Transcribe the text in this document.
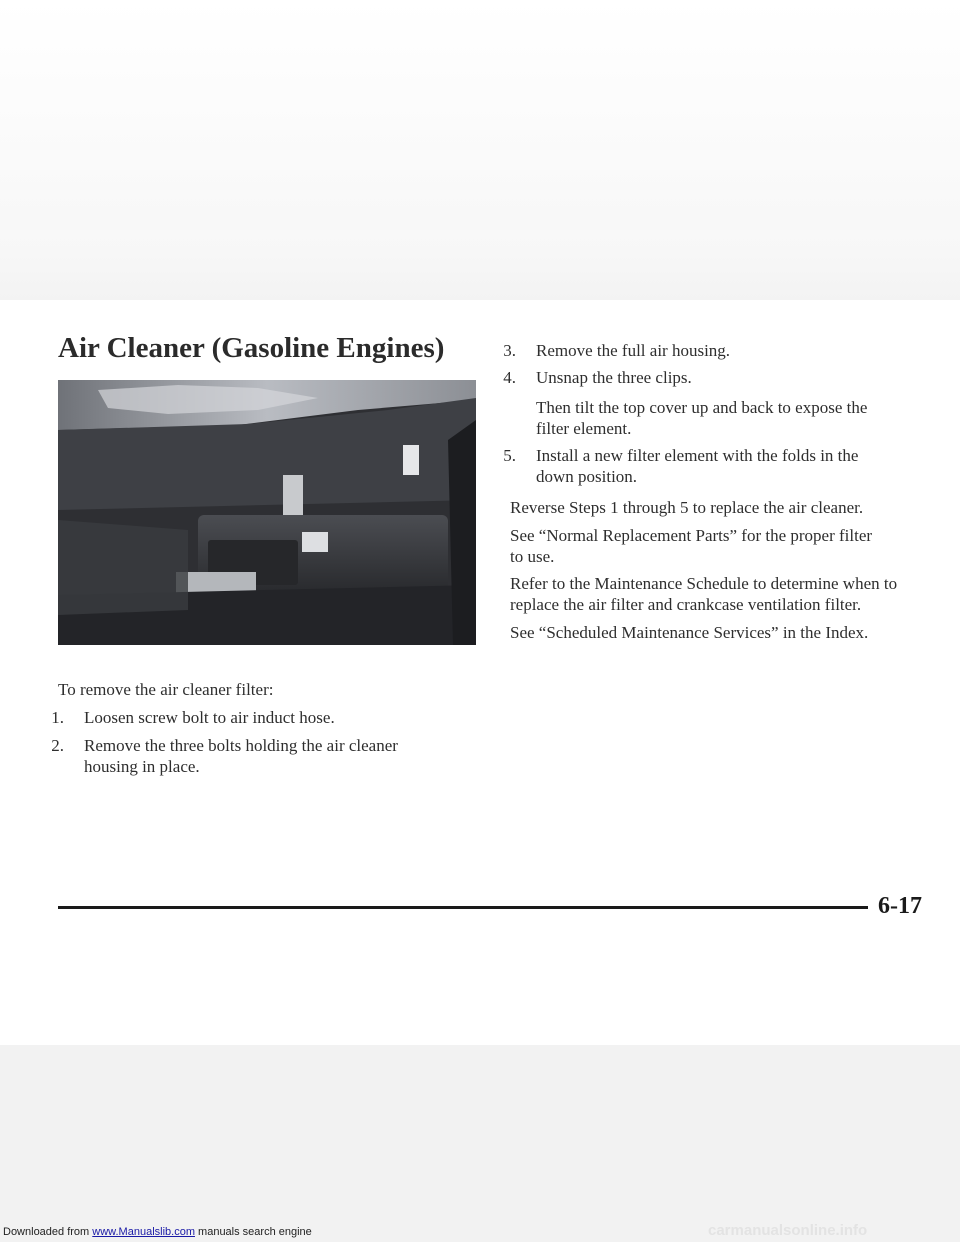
Air Cleaner (Gasoline Engines)
To remove the air cleaner filter:
1. Loosen screw bolt to air induct hose.
2. Remove the three bolts holding the air cleaner
housing in place.
3. Remove the full air housing.
4. Unsnap the three clips.
Then tilt the top cover up and back to expose the
filter element.
5. Install a new filter element with the folds in the
down position.
Reverse Steps 1 through 5 to replace the air cleaner.
See “Normal Replacement Parts” for the proper filter
to use.
Refer to the Maintenance Schedule to determine when to
replace the air filter and crankcase ventilation filter.
See “Scheduled Maintenance Services” in the Index.
6-17
Downloaded from www.Manualslib.com manuals search engine	carmanualsonline.info
